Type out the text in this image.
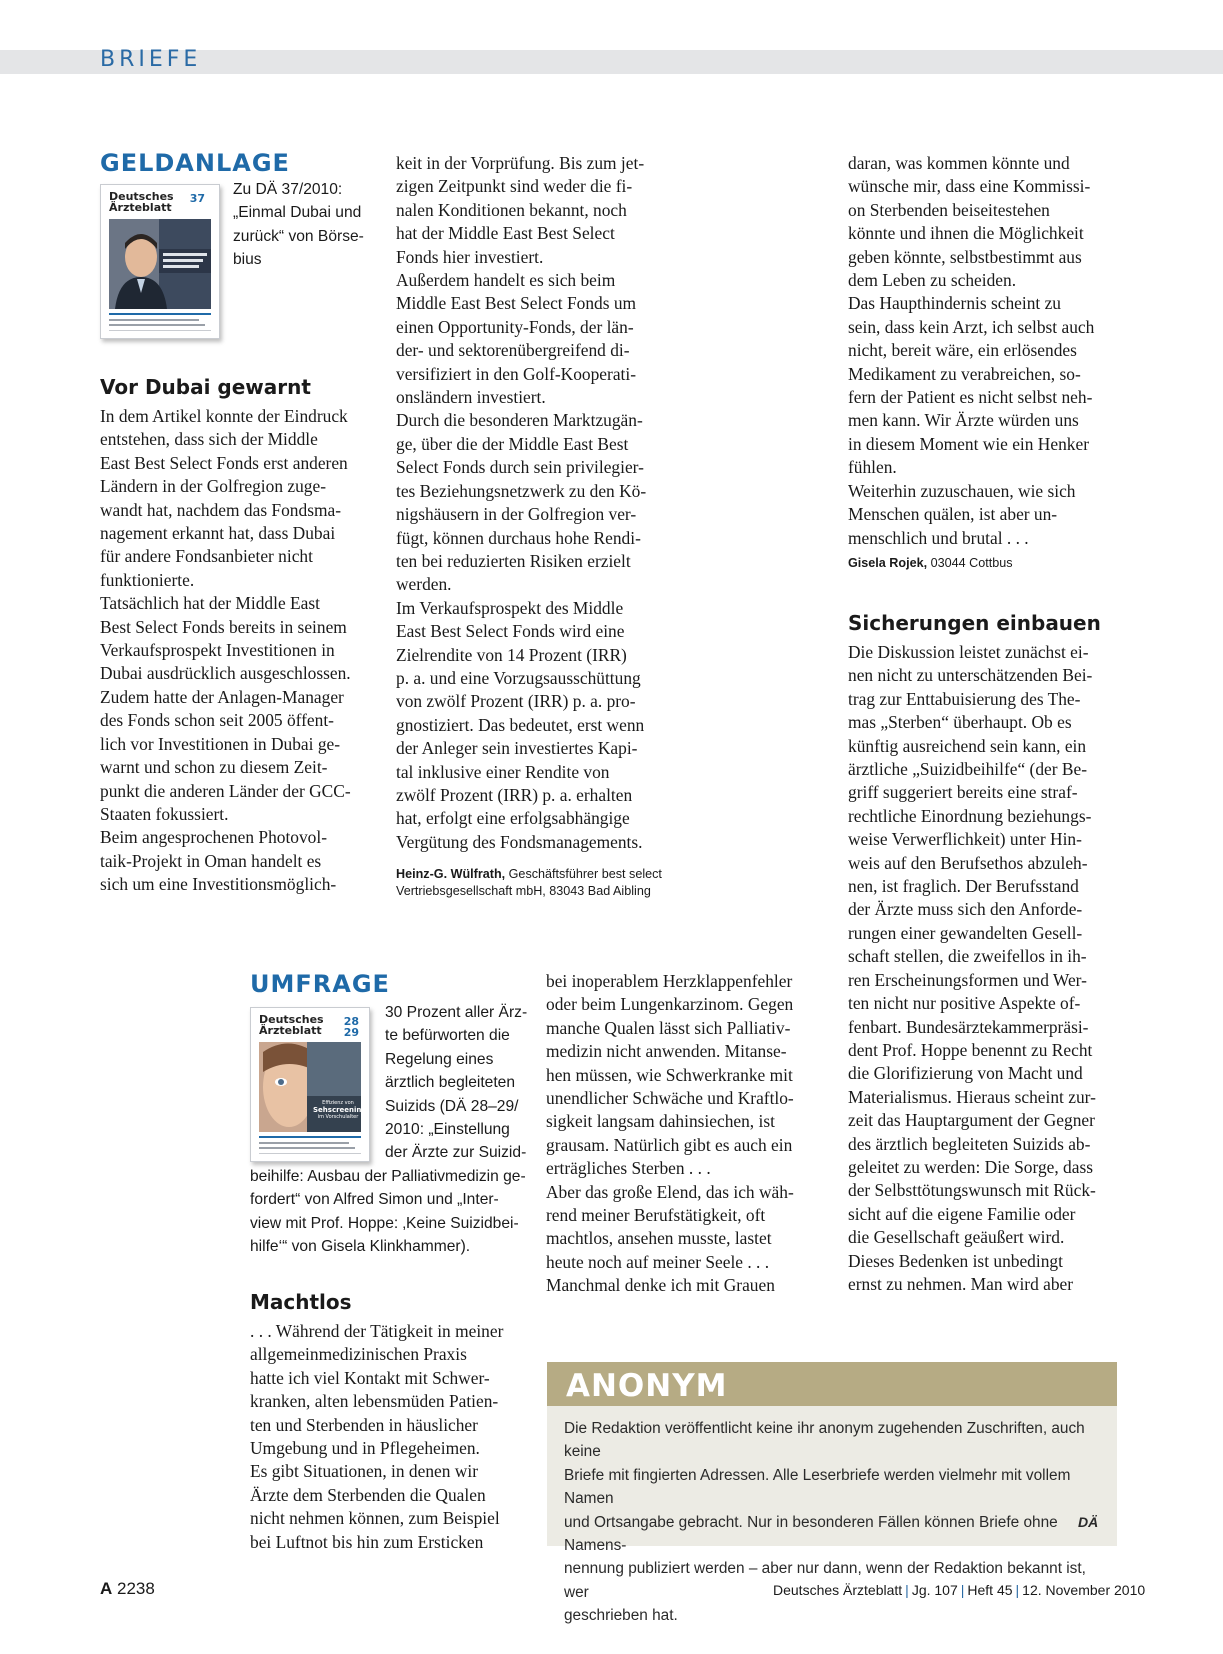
BRIEFE
GELDANLAGE
Deutsches
Ärzteblatt
37
Zu DÄ 37/2010:
„Einmal Dubai und
zurück“ von Börse-
bius
Vor Dubai gewarnt

In dem Artikel konnte der Eindruck

entstehen, dass sich der Middle

East Best Select Fonds erst anderen

Ländern in der Golfregion zuge-

wandt hat, nachdem das Fondsma-

nagement erkannt hat, dass Dubai

für andere Fondsanbieter nicht

funktionierte.

Tatsächlich hat der Middle East

Best Select Fonds bereits in seinem

Verkaufsprospekt Investitionen in

Dubai ausdrücklich ausgeschlossen.

Zudem hatte der Anlagen-Manager

des Fonds schon seit 2005 öffent-

lich vor Investitionen in Dubai ge-

warnt und schon zu diesem Zeit-

punkt die anderen Länder der GCC-

Staaten fokussiert.

Beim angesprochenen Photovol-

taik-Projekt in Oman handelt es

sich um eine Investitionsmöglich-

keit in der Vorprüfung. Bis zum jet-

zigen Zeitpunkt sind weder die fi-

nalen Konditionen bekannt, noch

hat der Middle East Best Select

Fonds hier investiert.

Außerdem handelt es sich beim

Middle East Best Select Fonds um

einen Opportunity-Fonds, der län-

der- und sektorenübergreifend di-

versifiziert in den Golf-Kooperati-

onsländern investiert.

Durch die besonderen Marktzugän-

ge, über die der Middle East Best

Select Fonds durch sein privilegier-

tes Beziehungsnetzwerk zu den Kö-

nigshäusern in der Golfregion ver-

fügt, können durchaus hohe Rendi-

ten bei reduzierten Risiken erzielt

werden.

Im Verkaufsprospekt des Middle

East Best Select Fonds wird eine

Zielrendite von 14 Prozent (IRR)

p. a. und eine Vorzugsausschüttung

von zwölf Prozent (IRR) p. a. pro-

gnostiziert. Das bedeutet, erst wenn

der Anleger sein investiertes Kapi-

tal inklusive einer Rendite von

zwölf Prozent (IRR) p. a. erhalten

hat, erfolgt eine erfolgsabhängige

Vergütung des Fondsmanagements.

Heinz-G. Wülfrath, Geschäftsführer best select
Vertriebsgesellschaft mbH, 83043 Bad Aibling
UMFRAGE
Deutsches
Ärzteblatt
28
29
Effizienz von
Sehscreening
im Vorschulalter
30 Prozent aller Ärz-
te befürworten die
Regelung eines
ärztlich begleiteten
Suizids (DÄ 28–29/
2010: „Einstellung
der Ärzte zur Suizid-
beihilfe: Ausbau der Palliativmedizin ge-
fordert“ von Alfred Simon und „Inter-
view mit Prof. Hoppe: ‚Keine Suizidbei-
hilfe‘“ von Gisela Klinkhammer).
Machtlos

. . . Während der Tätigkeit in meiner

allgemeinmedizinischen Praxis

hatte ich viel Kontakt mit Schwer-

kranken, alten lebensmüden Patien-

ten und Sterbenden in häuslicher

Umgebung und in Pflegeheimen.

Es gibt Situationen, in denen wir

Ärzte dem Sterbenden die Qualen

nicht nehmen können, zum Beispiel

bei Luftnot bis hin zum Ersticken

bei inoperablem Herzklappenfehler

oder beim Lungenkarzinom. Gegen

manche Qualen lässt sich Palliativ-

medizin nicht anwenden. Mitanse-

hen müssen, wie Schwerkranke mit

unendlicher Schwäche und Kraftlo-

sigkeit langsam dahinsiechen, ist

grausam. Natürlich gibt es auch ein

erträgliches Sterben . . .

Aber das große Elend, das ich wäh-

rend meiner Berufstätigkeit, oft

machtlos, ansehen musste, lastet

heute noch auf meiner Seele . . .

Manchmal denke ich mit Grauen

daran, was kommen könnte und

wünsche mir, dass eine Kommissi-

on Sterbenden beiseitestehen

könnte und ihnen die Möglichkeit

geben könnte, selbstbestimmt aus

dem Leben zu scheiden.

Das Haupthindernis scheint zu

sein, dass kein Arzt, ich selbst auch

nicht, bereit wäre, ein erlösendes

Medikament zu verabreichen, so-

fern der Patient es nicht selbst neh-

men kann. Wir Ärzte würden uns

in diesem Moment wie ein Henker

fühlen.

Weiterhin zuzuschauen, wie sich

Menschen quälen, ist aber un-

menschlich und brutal . . .

Gisela Rojek, 03044 Cottbus
Sicherungen einbauen

Die Diskussion leistet zunächst ei-

nen nicht zu unterschätzenden Bei-

trag zur Enttabuisierung des The-

mas „Sterben“ überhaupt. Ob es

künftig ausreichend sein kann, ein

ärztliche „Suizidbeihilfe“ (der Be-

griff suggeriert bereits eine straf-

rechtliche Einordnung beziehungs-

weise Verwerflichkeit) unter Hin-

weis auf den Berufsethos abzuleh-

nen, ist fraglich. Der Berufsstand

der Ärzte muss sich den Anforde-

rungen einer gewandelten Gesell-

schaft stellen, die zweifellos in ih-

ren Erscheinungsformen und Wer-

ten nicht nur positive Aspekte of-

fenbart. Bundesärztekammerpräsi-

dent Prof. Hoppe benennt zu Recht

die Glorifizierung von Macht und

Materialismus. Hieraus scheint zur-

zeit das Hauptargument der Gegner

des ärztlich begleiteten Suizids ab-

geleitet zu werden: Die Sorge, dass

der Selbsttötungswunsch mit Rück-

sicht auf die eigene Familie oder

die Gesellschaft geäußert wird.

Dieses Bedenken ist unbedingt

ernst zu nehmen. Man wird aber

ANONYM
Die Redaktion veröffentlicht keine ihr anonym zugehenden Zuschriften, auch keine
Briefe mit fingierten Adressen. Alle Leserbriefe werden vielmehr mit vollem Namen
und Ortsangabe gebracht. Nur in besonderen Fällen können Briefe ohne Namens-
nennung publiziert werden – aber nur dann, wenn der Redaktion bekannt ist, wer
geschrieben hat.
DÄ
A 2238	Deutsches Ärzteblatt | Jg. 107 | Heft 45 | 12. November 2010
